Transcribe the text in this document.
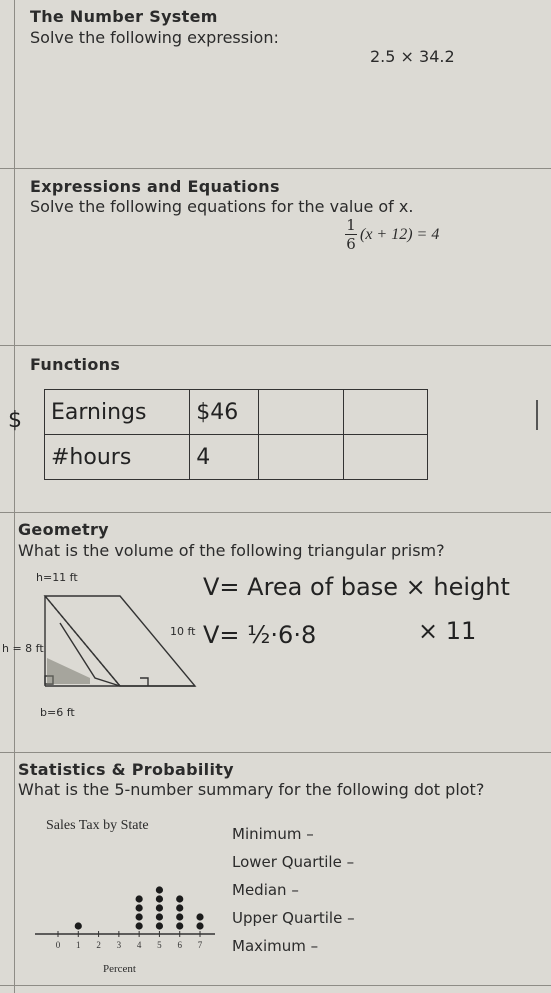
The Number System
Solve the following expression:
2.5 × 34.2
Expressions and Equations
Solve the following equations for the value of x.
1
6
(x + 12) = 4
Functions
$ Earnings	$46		
#hours	4		
Geometry
What is the volume of the following triangular prism?
h=11 ft
10 ft
h = 8 ft
b=6 ft
V= Area of base × height
V= ½·6·8	× 11
Statistics & Probability
What is the 5-number summary for the following dot plot?
Sales Tax by State
0 1 2 3 4 5 6 7
Percent
Minimum –
Lower Quartile –
Median –
Upper Quartile –
Maximum –
